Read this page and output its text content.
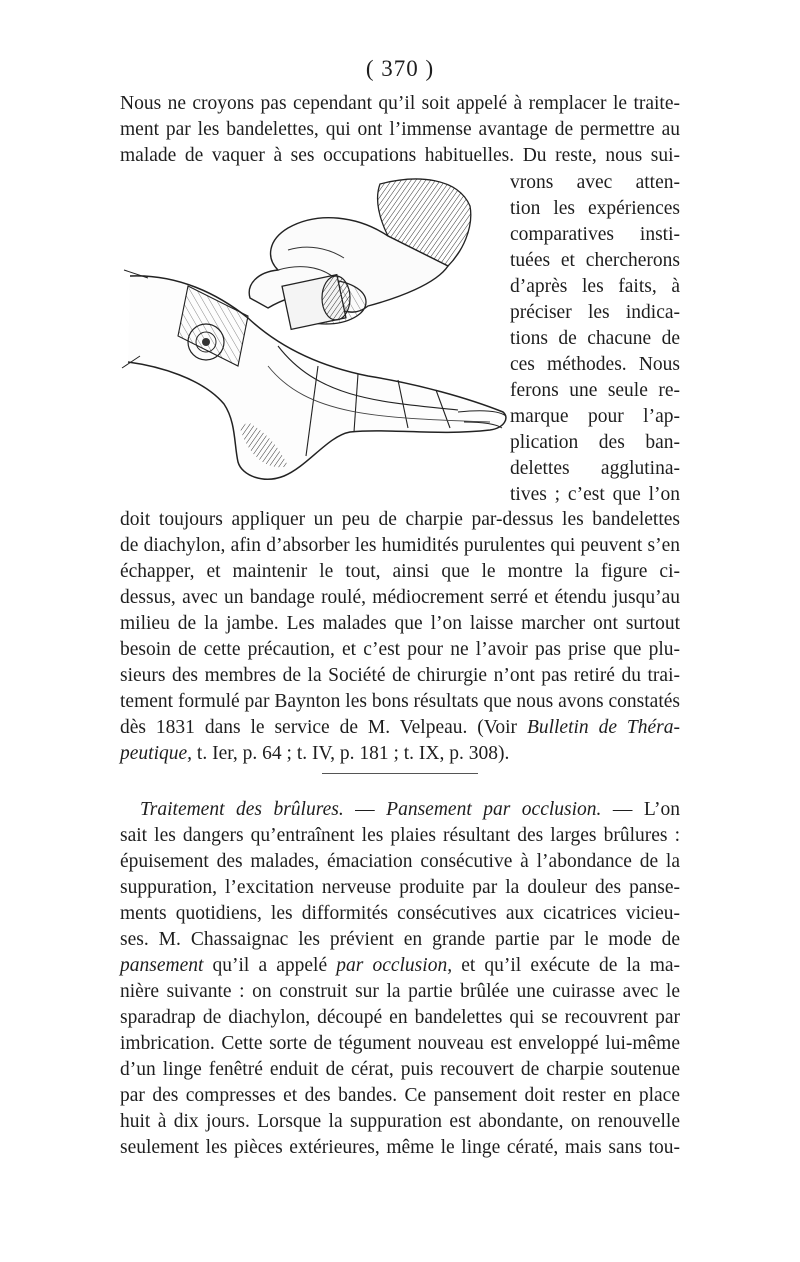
( 370 )
Nous ne croyons pas cependant qu’il soit appelé à remplacer le traite-
ment par les bandelettes, qui ont l’immense avantage de permettre au
malade de vaquer à ses occupations habituelles. Du reste, nous sui-
vrons avec atten-
tion les expériences
comparatives insti-
tuées et chercherons
d’après les faits, à
préciser les indica-
tions de chacune de
ces méthodes. Nous
ferons une seule re-
marque pour l’ap-
plication des ban-
delettes agglutina-
tives ; c’est que l’on
doit toujours appliquer un peu de charpie par-dessus les bandelettes
de diachylon, afin d’absorber les humidités purulentes qui peuvent s’en
échapper, et maintenir le tout, ainsi que le montre la figure ci-
dessus, avec un bandage roulé, médiocrement serré et étendu jusqu’au
milieu de la jambe. Les malades que l’on laisse marcher ont surtout
besoin de cette précaution, et c’est pour ne l’avoir pas prise que plu-
sieurs des membres de la Société de chirurgie n’ont pas retiré du trai-
tement formulé par Baynton les bons résultats que nous avons constatés
dès 1831 dans le service de M. Velpeau. (Voir Bulletin de Théra-
peutique, t. Ier, p. 64 ; t. IV, p. 181 ; t. IX, p. 308).
Traitement des brûlures. — Pansement par occlusion. — L’on
sait les dangers qu’entraînent les plaies résultant des larges brûlures :
épuisement des malades, émaciation consécutive à l’abondance de la
suppuration, l’excitation nerveuse produite par la douleur des panse-
ments quotidiens, les difformités consécutives aux cicatrices vicieu-
ses. M. Chassaignac les prévient en grande partie par le mode de
pansement qu’il a appelé par occlusion, et qu’il exécute de la ma-
nière suivante : on construit sur la partie brûlée une cuirasse avec le
sparadrap de diachylon, découpé en bandelettes qui se recouvrent par
imbrication. Cette sorte de tégument nouveau est enveloppé lui-même
d’un linge fenêtré enduit de cérat, puis recouvert de charpie soutenue
par des compresses et des bandes. Ce pansement doit rester en place
huit à dix jours. Lorsque la suppuration est abondante, on renouvelle
seulement les pièces extérieures, même le linge cératé, mais sans tou-
